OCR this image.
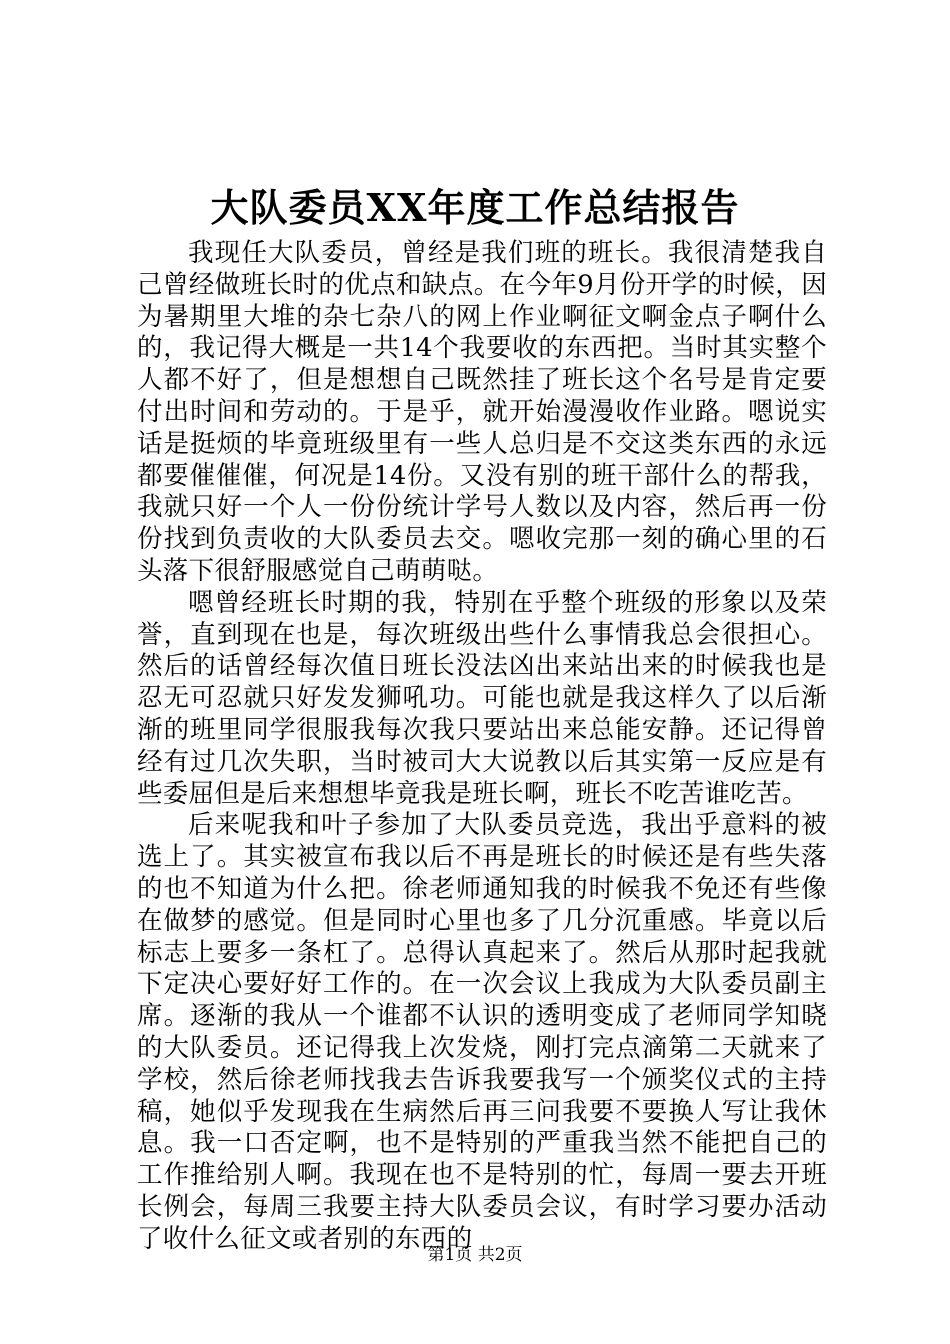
大队委员XX年度工作总结报告

我现任大队委员，曾经是我们班的班长。我很清楚我自己曾经做班长时的优点和缺点。在今年9月份开学的时候，因为暑期里大堆的杂七杂八的网上作业啊征文啊金点子啊什么的，我记得大概是一共14个我要收的东西把。当时其实整个人都不好了，但是想想自己既然挂了班长这个名号是肯定要付出时间和劳动的。于是乎，就开始漫漫收作业路。嗯说实话是挺烦的毕竟班级里有一些人总归是不交这类东西的永远都要催催催，何况是14份。又没有别的班干部什么的帮我，我就只好一个人一份份统计学号人数以及内容，然后再一份份找到负责收的大队委员去交。嗯收完那一刻的确心里的石头落下很舒服感觉自己萌萌哒。

嗯曾经班长时期的我，特别在乎整个班级的形象以及荣誉，直到现在也是，每次班级出些什么事情我总会很担心。然后的话曾经每次值日班长没法凶出来站出来的时候我也是忍无可忍就只好发发狮吼功。可能也就是我这样久了以后渐渐的班里同学很服我每次我只要站出来总能安静。还记得曾经有过几次失职，当时被司大大说教以后其实第一反应是有些委屈但是后来想想毕竟我是班长啊，班长不吃苦谁吃苦。

后来呢我和叶子参加了大队委员竞选，我出乎意料的被选上了。其实被宣布我以后不再是班长的时候还是有些失落的也不知道为什么把。徐老师通知我的时候我不免还有些像在做梦的感觉。但是同时心里也多了几分沉重感。毕竟以后标志上要多一条杠了。总得认真起来了。然后从那时起我就下定决心要好好工作的。在一次会议上我成为大队委员副主席。逐渐的我从一个谁都不认识的透明变成了老师同学知晓的大队委员。还记得我上次发烧，刚打完点滴第二天就来了学校，然后徐老师找我去告诉我要我写一个颁奖仪式的主持稿，她似乎发现我在生病然后再三问我要不要换人写让我休息。我一口否定啊，也不是特别的严重我当然不能把自己的工作推给别人啊。我现在也不是特别的忙，每周一要去开班长例会，每周三我要主持大队委员会议，有时学习要办活动了收什么征文或者别的东西的

第1页 共2页
